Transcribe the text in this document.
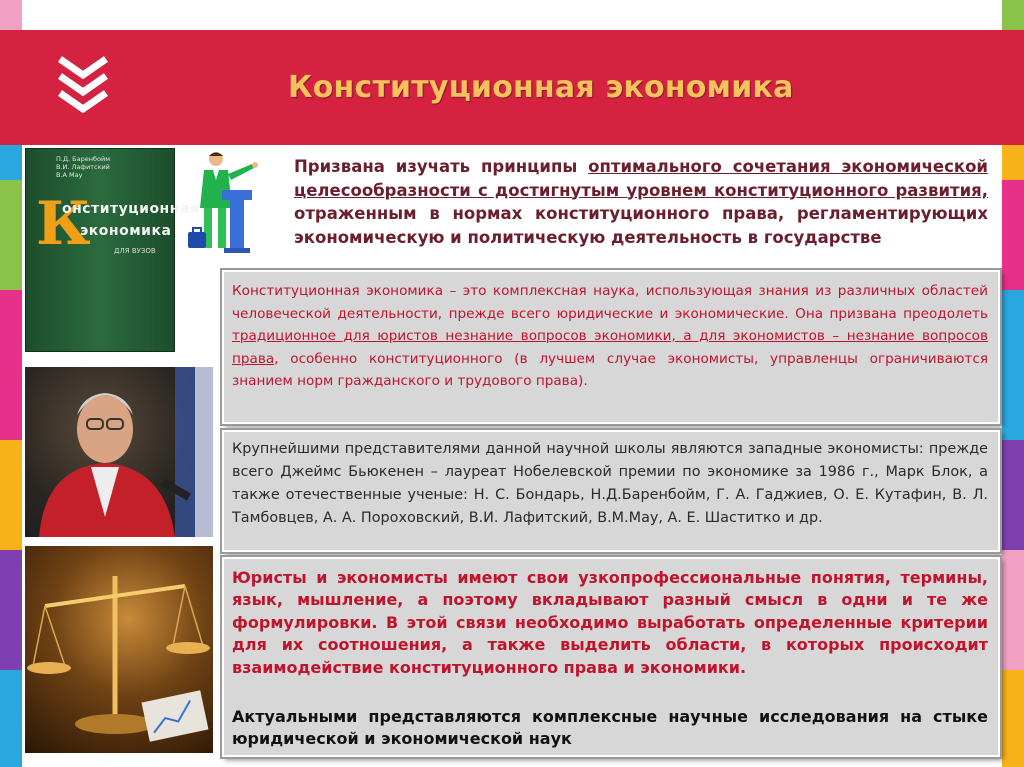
Конституционная экономика
П.Д. Баренбойм
В.И. Лафитский
В.А Мау
К
онституционная
экономика
ДЛЯ ВУЗОВ
Призвана изучать принципы оптимального сочетания экономической целесообразности с достигнутым уровнем конституционного развития, отраженным в нормах конституционного права, регламентирующих экономическую и политическую деятельность в государстве

Конституционная экономика – это комплексная наука, использующая знания из различных областей человеческой деятельности, прежде всего юридические и экономические. Она призвана преодолеть традиционное для юристов незнание вопросов экономики, а для экономистов – незнание вопросов права, особенно конституционного (в лучшем случае экономисты, управленцы ограничиваются знанием норм гражданского и трудового права).

Крупнейшими представителями данной научной школы являются западные экономисты: прежде всего Джеймс Бьюкенен – лауреат Нобелевской премии по экономике за 1986 г., Марк Блок, а также отечественные ученые: Н. С. Бондарь, Н.Д.Баренбойм, Г. А. Гаджиев, О. Е. Кутафин, В. Л. Тамбовцев, А. А. Пороховский, В.И. Лафитский, В.М.Мау, А. Е. Шаститко и др.

Юристы и экономисты имеют свои узкопрофессиональные понятия, термины, язык, мышление, а поэтому вкладывают разный смысл в одни и те же формулировки. В этой связи необходимо выработать определенные критерии для их соотношения, а также выделить области, в которых происходит взаимодействие конституционного права и экономики.

Актуальными представляются комплексные научные исследования на стыке юридической и экономической наук
